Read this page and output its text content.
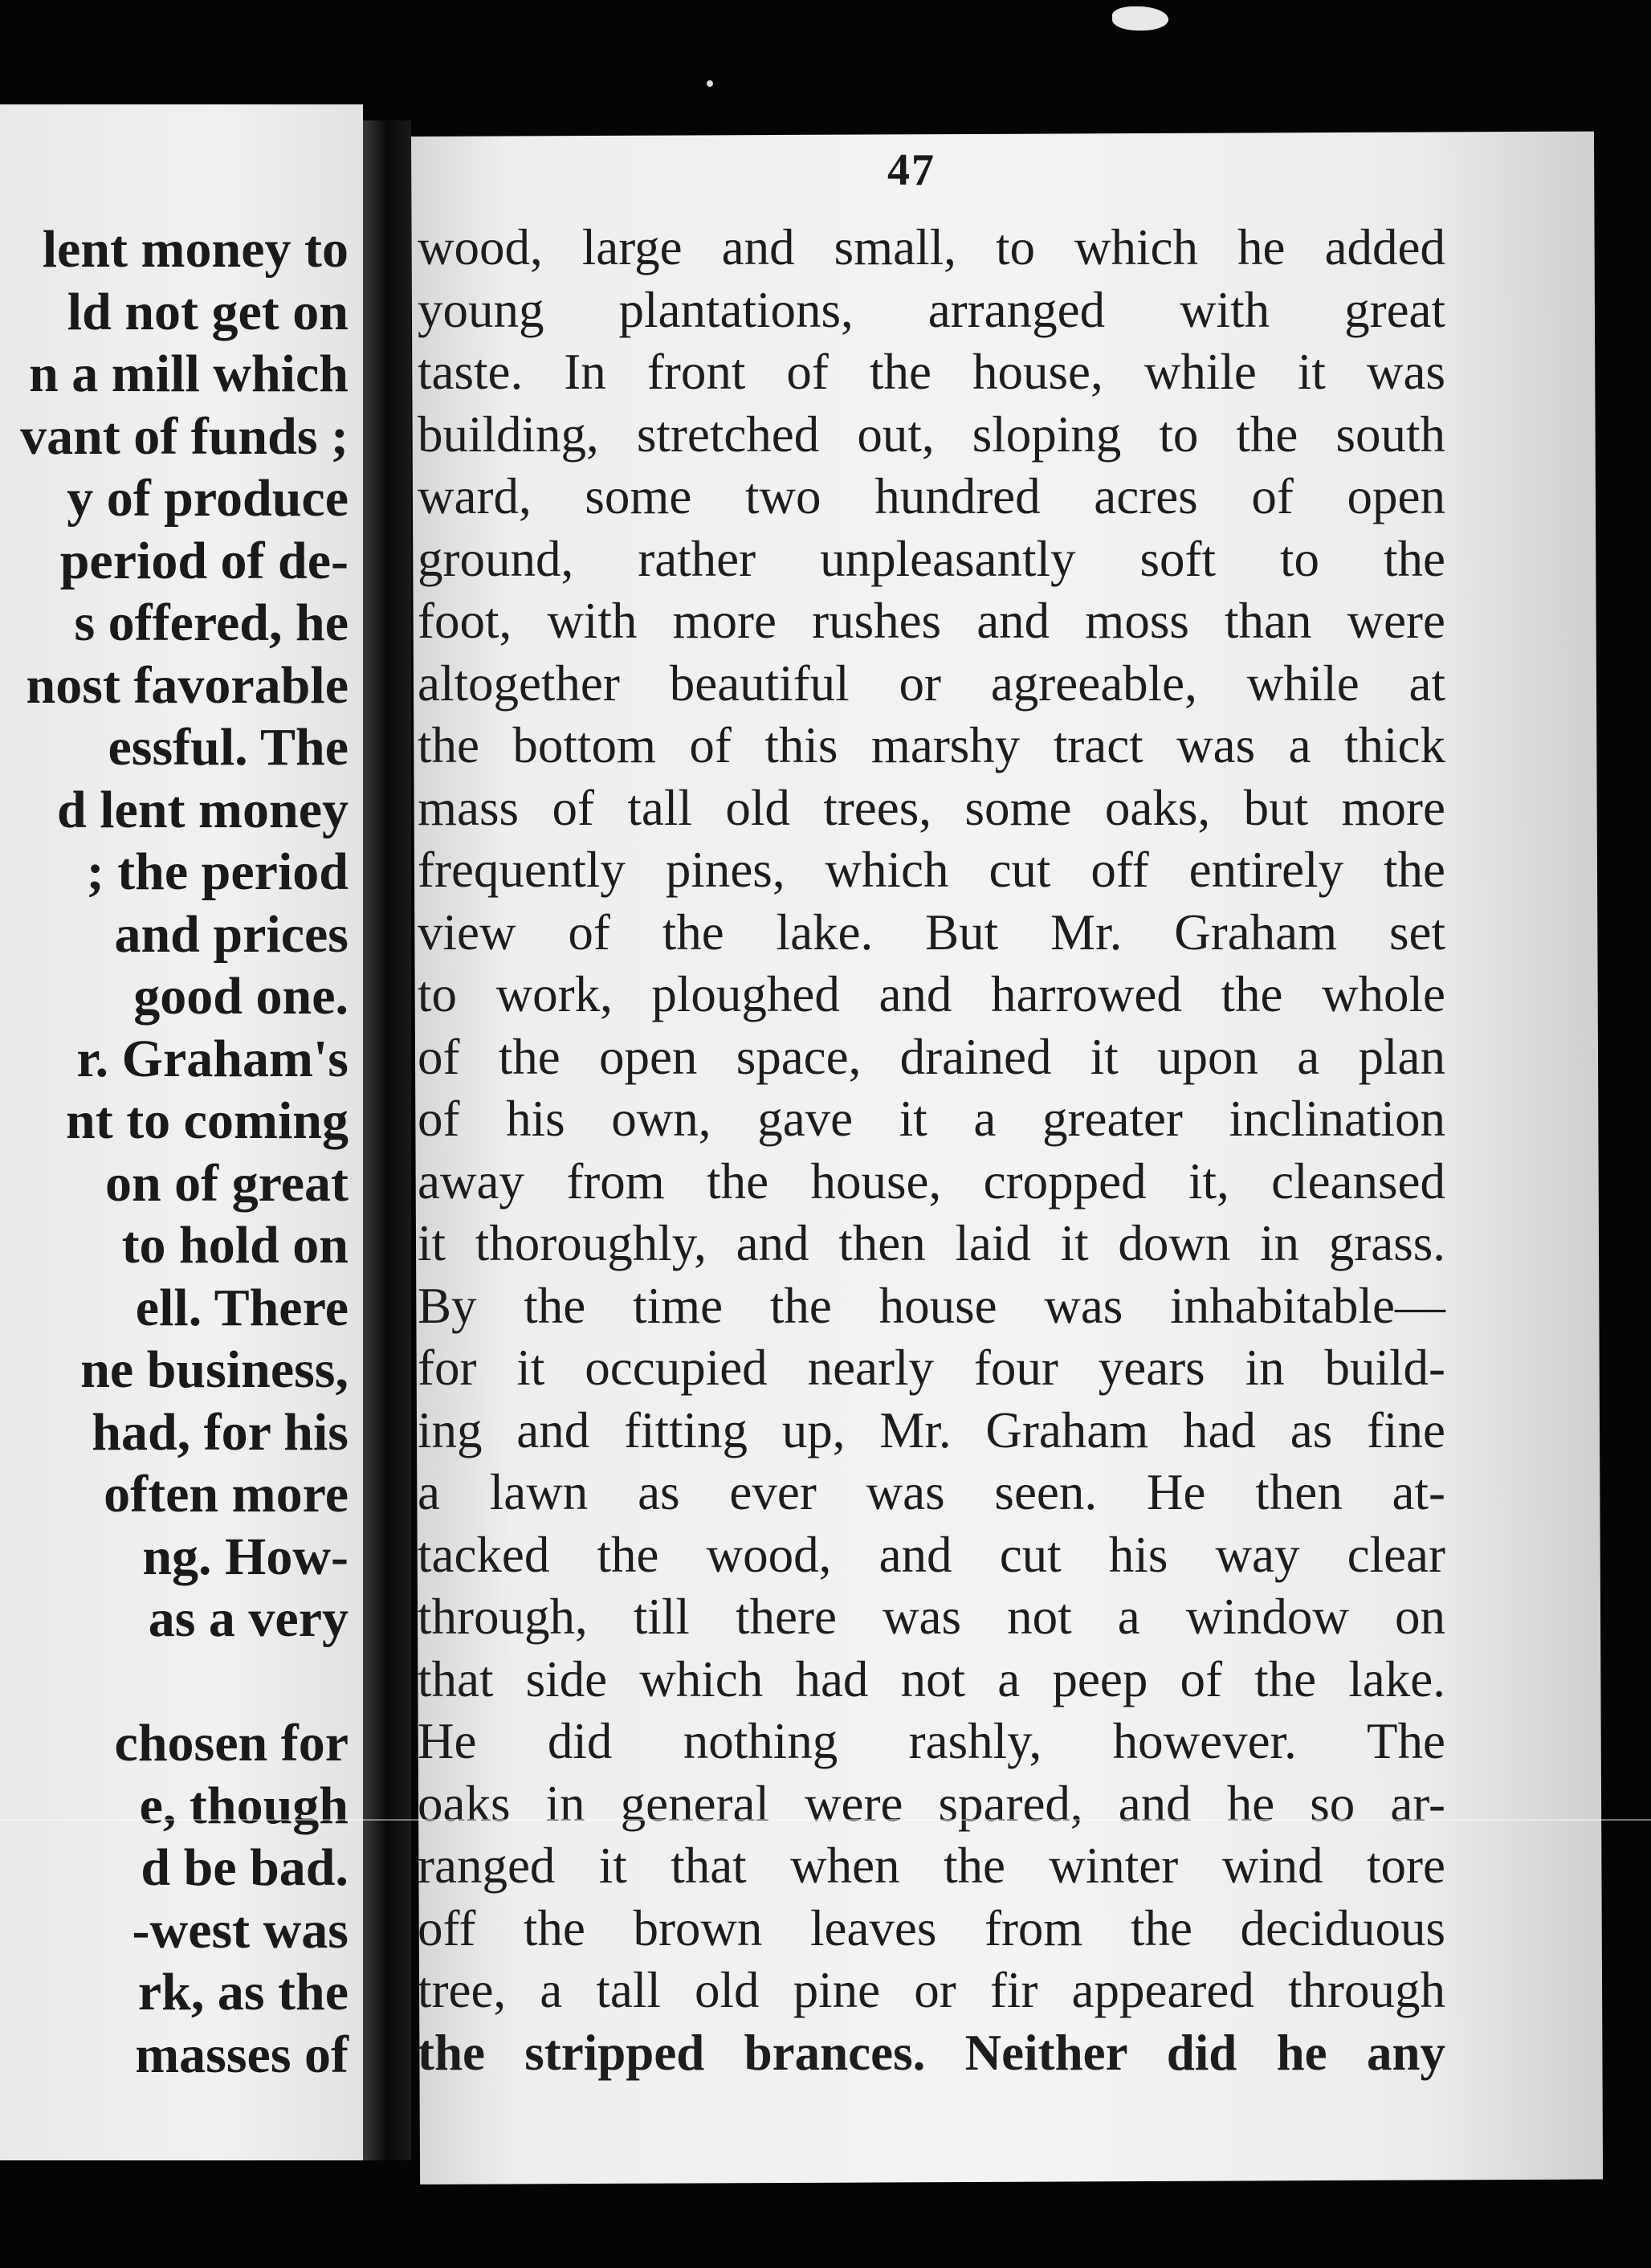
lent money to
ld not get on
n a mill which
vant of funds ;
y of produce
period of de-
s offered, he
nost favorable
essful. The
d lent money
; the period
and prices
good one.
r. Graham's
nt to coming
on of great
to hold on
ell. There
ne business,
had, for his
often more
ng. How-
as a very
chosen for
e, though
d be bad.
-west was
rk, as the
masses of
47
wood, large and small, to which he added
young plantations, arranged with great
taste. In front of the house, while it was
building, stretched out, sloping to the south
ward, some two hundred acres of open
ground, rather unpleasantly soft to the
foot, with more rushes and moss than were
altogether beautiful or agreeable, while at
the bottom of this marshy tract was a thick
mass of tall old trees, some oaks, but more
frequently pines, which cut off entirely the
view of the lake. But Mr. Graham set
to work, ploughed and harrowed the whole
of the open space, drained it upon a plan
of his own, gave it a greater inclination
away from the house, cropped it, cleansed
it thoroughly, and then laid it down in grass.
By the time the house was inhabitable—
for it occupied nearly four years in build-
ing and fitting up, Mr. Graham had as fine
a lawn as ever was seen. He then at-
tacked the wood, and cut his way clear
through, till there was not a window on
that side which had not a peep of the lake.
He did nothing rashly, however. The
oaks in general were spared, and he so ar-
ranged it that when the winter wind tore
off the brown leaves from the deciduous
tree, a tall old pine or fir appeared through
the stripped brances. Neither did he any
